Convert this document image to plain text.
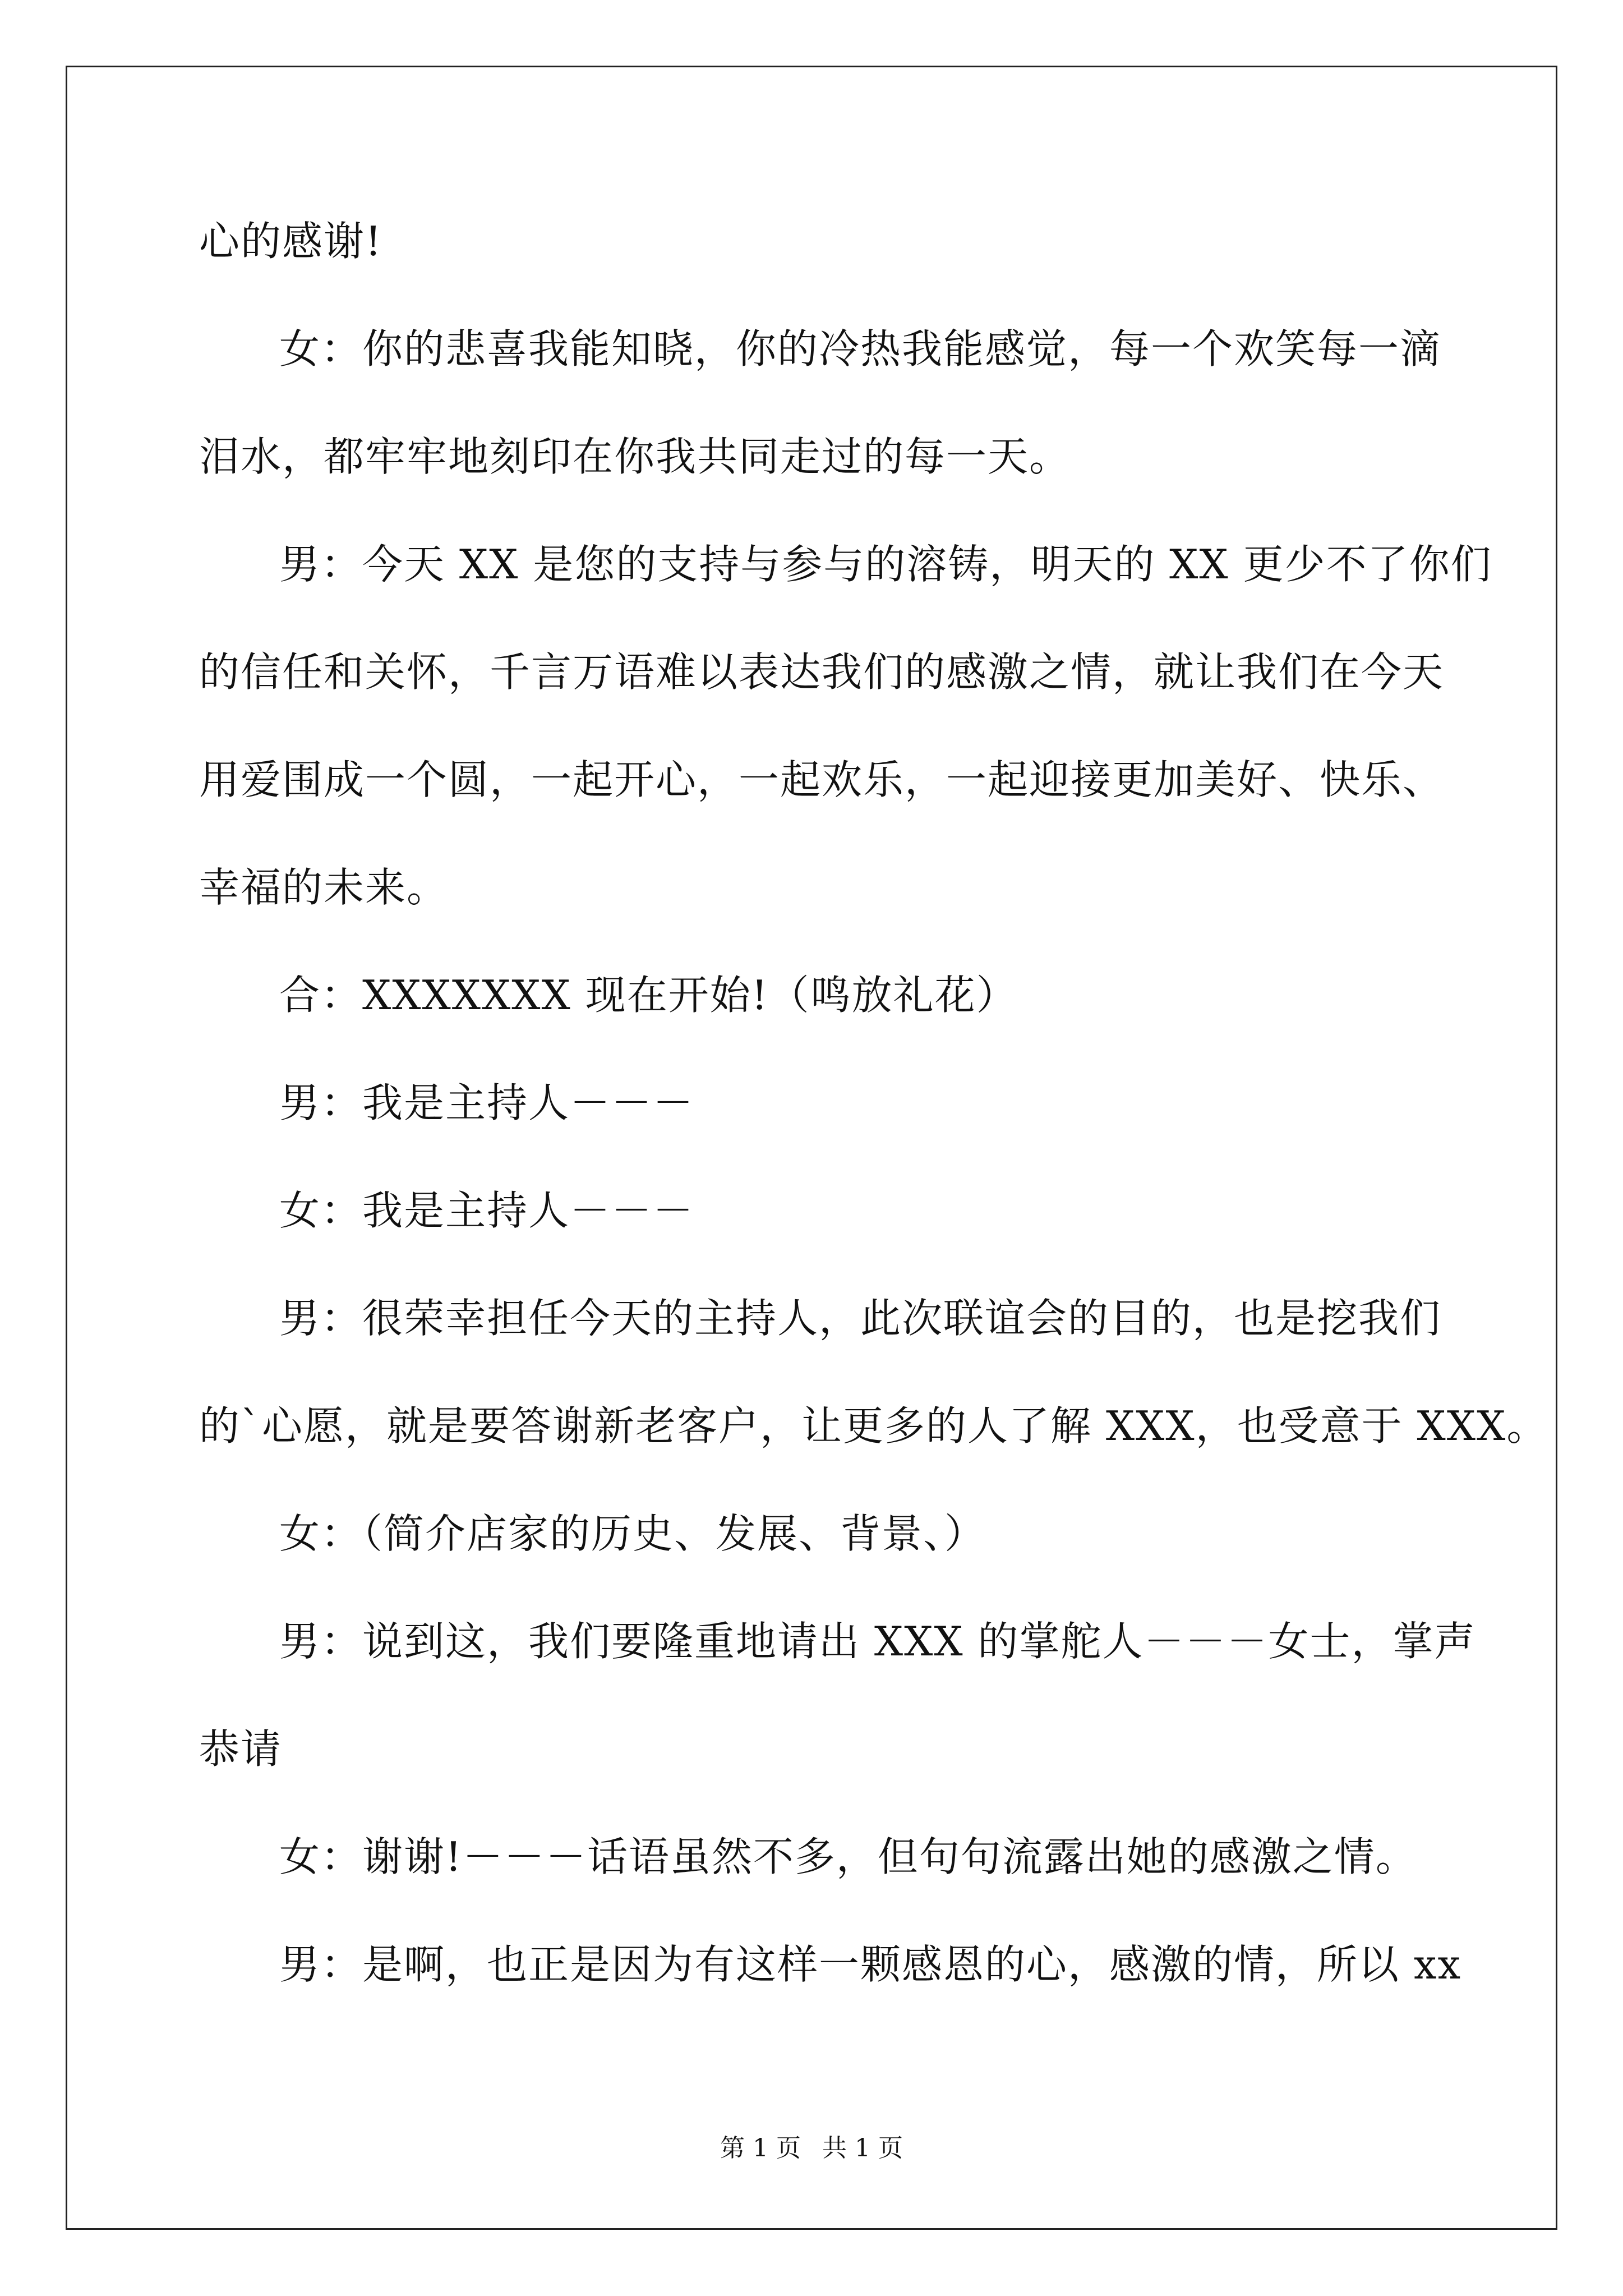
心的感谢!
女：你的悲喜我能知晓，你的冷热我能感觉，每一个欢笑每一滴
泪水，都牢牢地刻印在你我共同走过的每一天。
男：今天 XX 是您的支持与参与的溶铸，明天的 XX 更少不了你们
的信任和关怀，千言万语难以表达我们的感激之情，就让我们在今天
用爱围成一个圆，一起开心，一起欢乐，一起迎接更加美好、快乐、
幸福的未来。
合：XXXXXXX 现在开始!（鸣放礼花）
男：我是主持人－－－
女：我是主持人－－－
男：很荣幸担任今天的主持人，此次联谊会的目的，也是挖我们
的`心愿，就是要答谢新老客户，让更多的人了解 XXX，也受意于 XXX。
女：（简介店家的历史、发展、背景、）
男：说到这，我们要隆重地请出 XXX 的掌舵人－－－女士，掌声
恭请
女：谢谢!－－－话语虽然不多，但句句流露出她的感激之情。
男：是啊，也正是因为有这样一颗感恩的心，感激的情，所以 xx
第 1 页 共 1 页
